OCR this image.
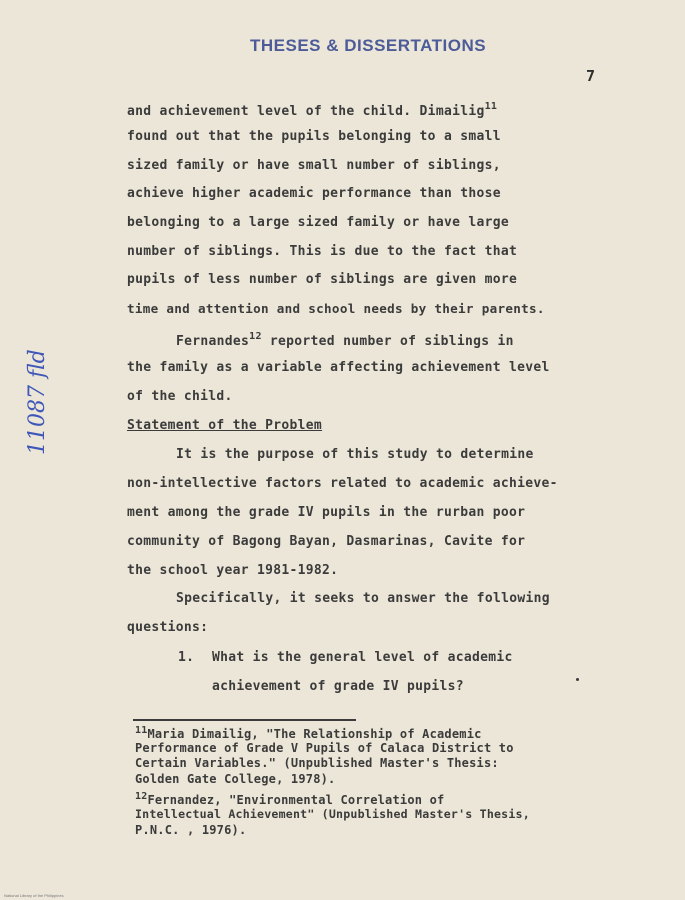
THESES & DISSERTATIONS
7
11087 fld
and achievement level of the child. Dimailig$^{11}$
found out that the pupils belonging to a small
sized family or have small number of siblings,
achieve higher academic performance than those
belonging to a large sized family or have large
number of siblings. This is due to the fact that
pupils of less number of siblings are given more
time and attention and school needs by their parents.
Fernandes$^{12}$ reported number of siblings in
the family as a variable affecting achievement level
of the child.
Statement of the Problem
It is the purpose of this study to determine
non-intellective factors related to academic achieve-
ment among the grade IV pupils in the rurban poor
community of Bagong Bayan, Dasmarinas, Cavite for
the school year 1981-1982.
Specifically, it seeks to answer the following
questions:
1. What is the general level of academic
achievement of grade IV pupils?
$^{11}$Maria Dimailig, "The Relationship of Academic
Performance of Grade V Pupils of Calaca District to
Certain Variables." (Unpublished Master's Thesis:
Golden Gate College, 1978).
$^{12}$Fernandez, "Environmental Correlation of
Intellectual Achievement" (Unpublished Master's Thesis,
P.N.C. , 1976).
National Library of the Philippines
